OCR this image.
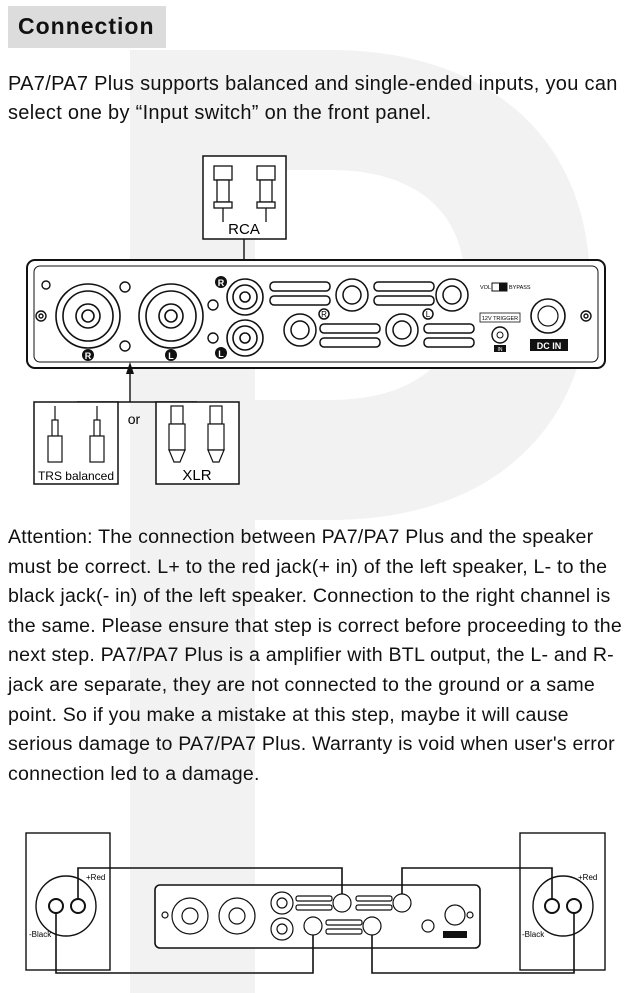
Connection
PA7/PA7 Plus supports balanced and single-ended inputs, you can select one by “Input switch” on the front panel.
RCA
R	L
R
L
R	L
VOL	BYPASS
12V TRIGGER
IN	DC IN
TRS balanced
or
XLR
Attention: The connection between PA7/PA7 Plus and the speaker must be correct. L+ to the red jack(+ in) of the left speaker, L- to the black jack(- in) of the left speaker. Connection to the right channel is the same. Please ensure that step is correct before proceeding to the next step. PA7/PA7 Plus is a amplifier with BTL output, the L- and R- jack are separate, they are not connected to the ground or a same point. So if you make a mistake at this step, maybe it will cause serious damage to PA7/PA7 Plus. Warranty is void when user's error connection led to a damage.
+Red
-Black
+Red
-Black
